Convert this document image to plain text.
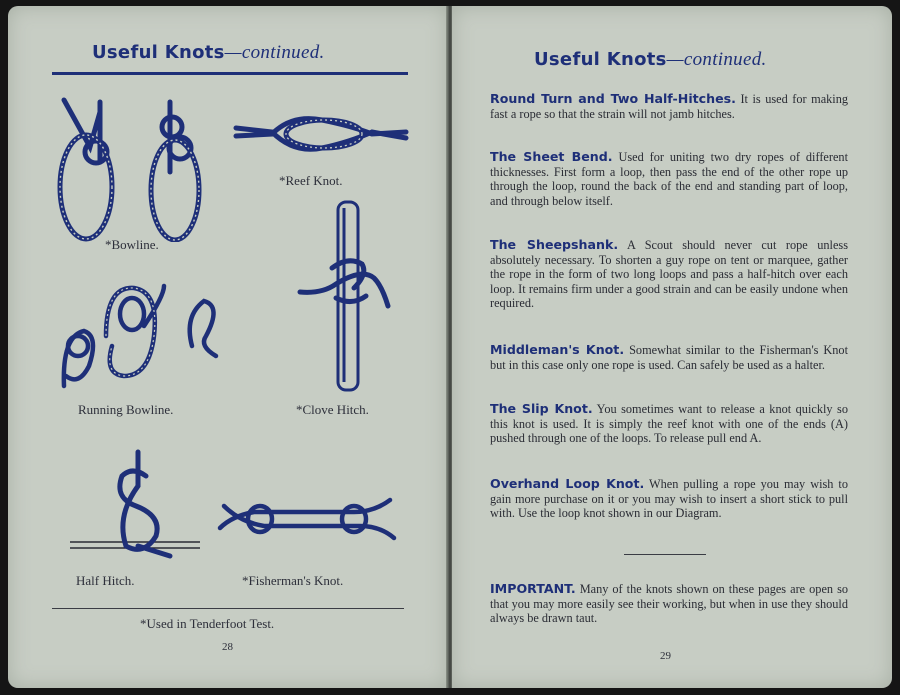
Useful Knots—continued.
*Bowline.
*Reef Knot.
Running Bowline.	*Clove Hitch.
Half Hitch.	*Fisherman's Knot.
*Used in Tenderfoot Test.
28
Useful Knots—continued.
Round Turn and Two Half-Hitches. It is used for making fast a rope so that the strain will not jamb hitches.
The Sheet Bend. Used for uniting two dry ropes of different thicknesses. First form a loop, then pass the end of the other rope up through the loop, round the back of the end and standing part of loop, and through below itself.
The Sheepshank. A Scout should never cut rope unless absolutely necessary. To shorten a guy rope on tent or marquee, gather the rope in the form of two long loops and pass a half-hitch over each loop. It remains firm under a good strain and can be easily undone when required.
Middleman's Knot. Somewhat similar to the Fisherman's Knot but in this case only one rope is used. Can safely be used as a halter.
The Slip Knot. You sometimes want to release a knot quickly so this knot is used. It is simply the reef knot with one of the ends (A) pushed through one of the loops. To release pull end A.
Overhand Loop Knot. When pulling a rope you may wish to gain more purchase on it or you may wish to insert a short stick to pull with. Use the loop knot shown in our Diagram.
IMPORTANT. Many of the knots shown on these pages are open so that you may more easily see their working, but when in use they should always be drawn taut.
29
